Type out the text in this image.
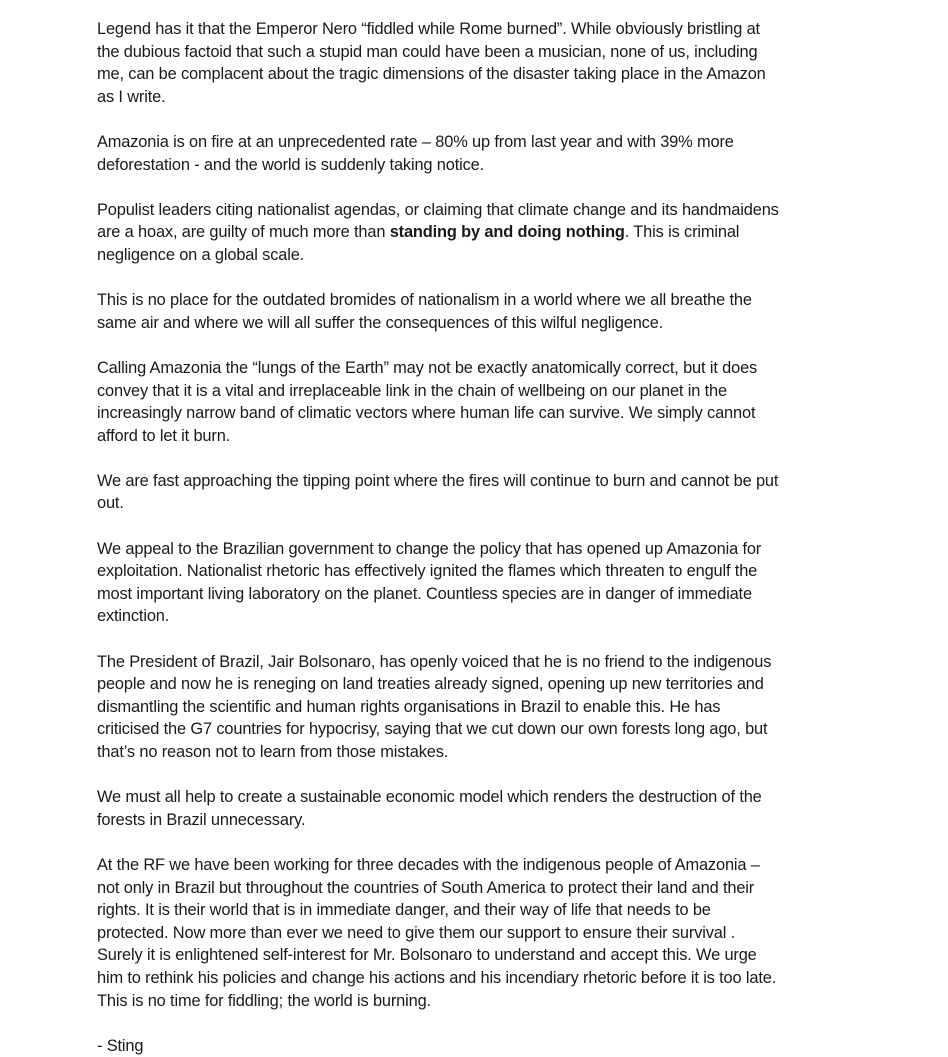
Legend has it that the Emperor Nero “fiddled while Rome burned”. While obviously bristling at
the dubious factoid that such a stupid man could have been a musician, none of us, including
me, can be complacent about the tragic dimensions of the disaster taking place in the Amazon
as I write.

Amazonia is on fire at an unprecedented rate – 80% up from last year and with 39% more
deforestation - and the world is suddenly taking notice.

Populist leaders citing nationalist agendas, or claiming that climate change and its handmaidens
are a hoax, are guilty of much more than standing by and doing nothing. This is criminal
negligence on a global scale.

This is no place for the outdated bromides of nationalism in a world where we all breathe the
same air and where we will all suffer the consequences of this wilful negligence.

Calling Amazonia the “lungs of the Earth” may not be exactly anatomically correct, but it does
convey that it is a vital and irreplaceable link in the chain of wellbeing on our planet in the
increasingly narrow band of climatic vectors where human life can survive. We simply cannot
afford to let it burn.

We are fast approaching the tipping point where the fires will continue to burn and cannot be put
out.

We appeal to the Brazilian government to change the policy that has opened up Amazonia for
exploitation. Nationalist rhetoric has effectively ignited the flames which threaten to engulf the
most important living laboratory on the planet. Countless species are in danger of immediate
extinction.

The President of Brazil, Jair Bolsonaro, has openly voiced that he is no friend to the indigenous
people and now he is reneging on land treaties already signed, opening up new territories and
dismantling the scientific and human rights organisations in Brazil to enable this. He has
criticised the G7 countries for hypocrisy, saying that we cut down our own forests long ago, but
that’s no reason not to learn from those mistakes.

We must all help to create a sustainable economic model which renders the destruction of the
forests in Brazil unnecessary.

At the RF we have been working for three decades with the indigenous people of Amazonia –
not only in Brazil but throughout the countries of South America to protect their land and their
rights. It is their world that is in immediate danger, and their way of life that needs to be
protected. Now more than ever we need to give them our support to ensure their survival .
Surely it is enlightened self-interest for Mr. Bolsonaro to understand and accept this. We urge
him to rethink his policies and change his actions and his incendiary rhetoric before it is too late.
This is no time for fiddling; the world is burning.

- Sting
